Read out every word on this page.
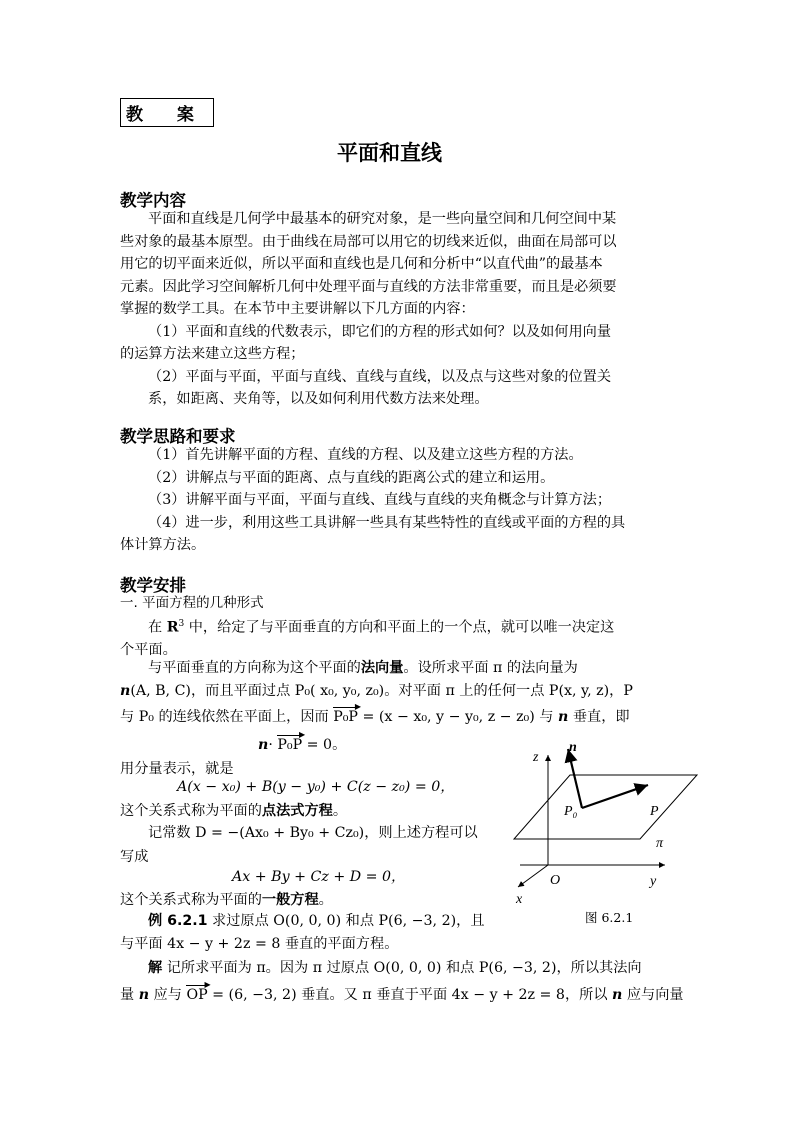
教 案
平面和直线
教学内容
平面和直线是几何学中最基本的研究对象，是一些向量空间和几何空间中某
些对象的最基本原型。由于曲线在局部可以用它的切线来近似，曲面在局部可以
用它的切平面来近似，所以平面和直线也是几何和分析中“以直代曲”的最基本
元素。因此学习空间解析几何中处理平面与直线的方法非常重要，而且是必须要
掌握的数学工具。在本节中主要讲解以下几方面的内容：
（1）平面和直线的代数表示，即它们的方程的形式如何？以及如何用向量
的运算方法来建立这些方程；
（2）平面与平面，平面与直线、直线与直线，以及点与这些对象的位置关
系，如距离、夹角等，以及如何利用代数方法来处理。
教学思路和要求
（1）首先讲解平面的方程、直线的方程、以及建立这些方程的方法。
（2）讲解点与平面的距离、点与直线的距离公式的建立和运用。
（3）讲解平面与平面，平面与直线、直线与直线的夹角概念与计算方法；
（4）进一步，利用这些工具讲解一些具有某些特性的直线或平面的方程的具
体计算方法。
教学安排
一. 平面方程的几种形式
在 $R^3$ 中，给定了与平面垂直的方向和平面上的一个点，就可以唯一决定这
个平面。
与平面垂直的方向称为这个平面的法向量。设所求平面 π 的法向量为
n(A, B, C)，而且平面过点 P₀( x₀, y₀, z₀)。对平面 π 上的任何一点 P(x, y, z)，P
与 P₀ 的连线依然在平面上，因而
▶
P₀P = (x − x₀, y − y₀, z − z₀) 与 n 垂直，即
n·
▶
P₀P = 0。
用分量表示，就是
A(x − x₀) + B(y − y₀) + C(z − z₀) = 0，
这个关系式称为平面的点法式方程。
记常数 D = −(Ax₀ + By₀ + Cz₀)，则上述方程可以
写成
Ax + By + Cz + D = 0，
这个关系式称为平面的一般方程。
例 6.2.1 求过原点 O(0, 0, 0) 和点 P(6, −3, 2)，且
与平面 4x − y + 2z = 8 垂直的平面方程。
解 记所求平面为 π。因为 π 过原点 O(0, 0, 0) 和点 P(6, −3, 2)，所以其法向
量 n 应与
▶
OP = (6, −3, 2) 垂直。又 π 垂直于平面 4x − y + 2z = 8，所以 n 应与向量
z
n
P₀	P
π
O	y
x
图 6.2.1
